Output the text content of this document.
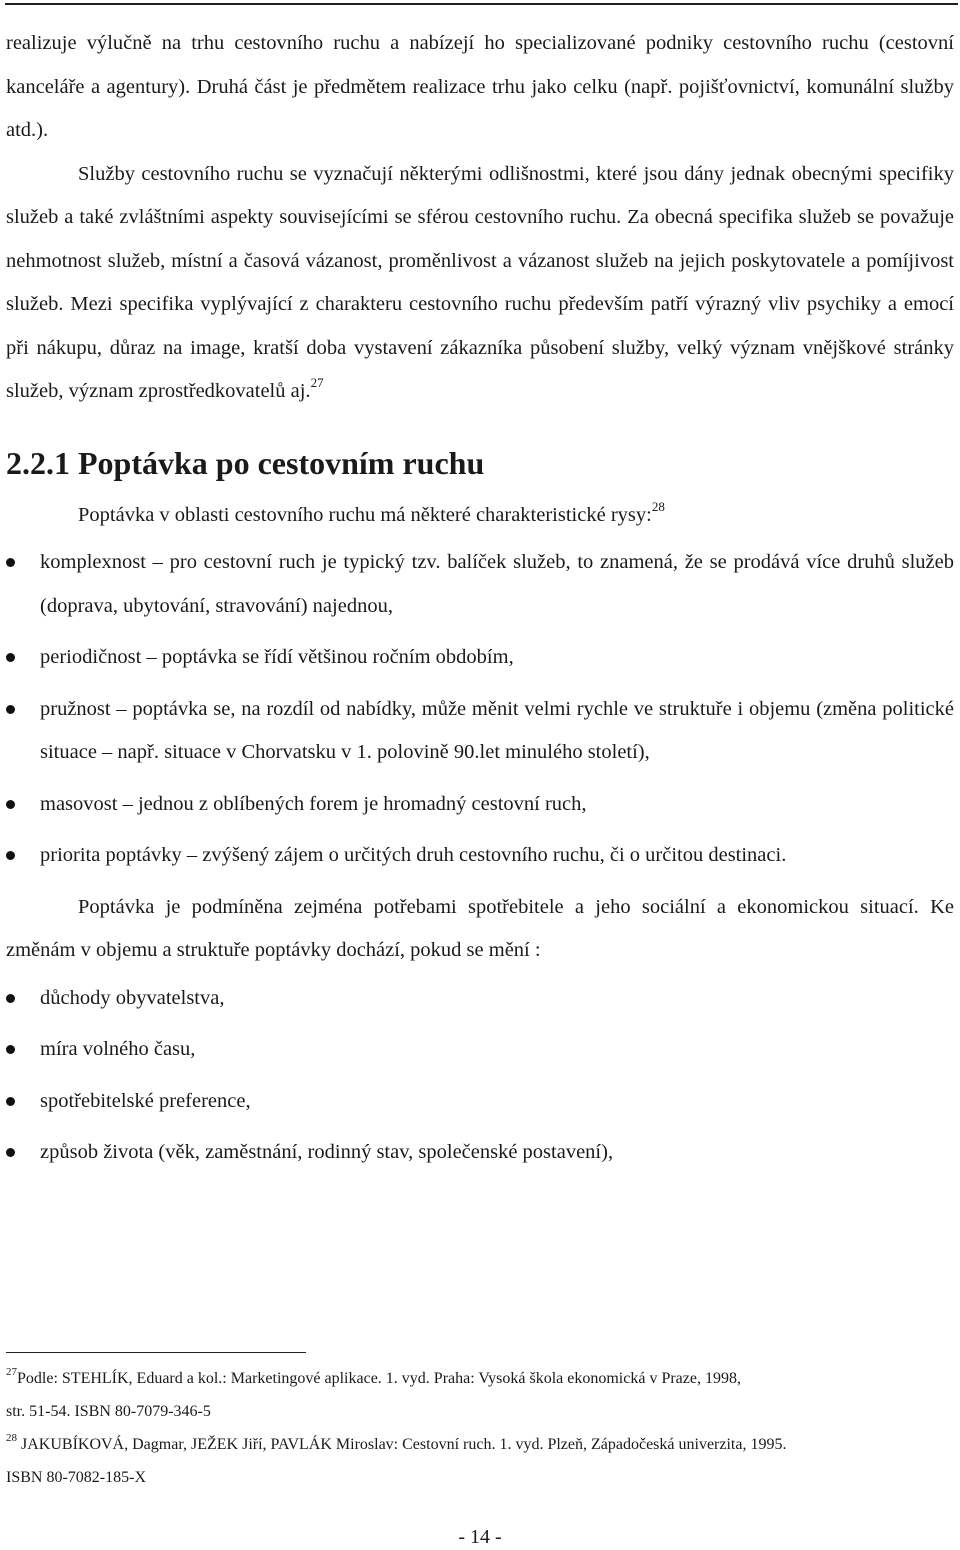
realizuje výlučně na trhu cestovního ruchu a nabízejí ho specializované podniky cestovního ruchu (cestovní kanceláře a agentury). Druhá část je předmětem realizace trhu jako celku (např. pojišťovnictví, komunální služby atd.).

Služby cestovního ruchu se vyznačují některými odlišnostmi, které jsou dány jednak obecnými specifiky služeb a také zvláštními aspekty souvisejícími se sférou cestovního ruchu. Za obecná specifika služeb se považuje nehmotnost služeb, místní a časová vázanost, proměnlivost a vázanost služeb na jejich poskytovatele a pomíjivost služeb. Mezi specifika vyplývající z charakteru cestovního ruchu především patří výrazný vliv psychiky a emocí při nákupu, důraz na image, kratší doba vystavení zákazníka působení služby, velký význam vnějškové stránky služeb, význam zprostředkovatelů aj.$^{27}$

2.2.1 Poptávka po cestovním ruchu

Poptávka v oblasti cestovního ruchu má některé charakteristické rysy:$^{28}$

komplexnost – pro cestovní ruch je typický tzv. balíček služeb, to znamená, že se prodává více druhů služeb (doprava, ubytování, stravování) najednou,
periodičnost – poptávka se řídí většinou ročním obdobím,
pružnost – poptávka se, na rozdíl od nabídky, může měnit velmi rychle ve struktuře i objemu (změna politické situace – např. situace v Chorvatsku v 1. polovině 90.let minulého století),
masovost – jednou z oblíbených forem je hromadný cestovní ruch,
priorita poptávky – zvýšený zájem o určitých druh cestovního ruchu, či o určitou destinaci.

Poptávka je podmíněna zejména potřebami spotřebitele a jeho sociální a ekonomickou situací. Ke změnám v objemu a struktuře poptávky dochází, pokud se mění :

důchody obyvatelstva,
míra volného času,
spotřebitelské preference,
způsob života (věk, zaměstnání, rodinný stav, společenské postavení),

$^{27}$Podle: STEHLÍK, Eduard a kol.: Marketingové aplikace. 1. vyd. Praha: Vysoká škola ekonomická v Praze, 1998,

str. 51-54. ISBN 80-7079-346-5

$^{28}$ JAKUBÍKOVÁ, Dagmar, JEŽEK Jiří, PAVLÁK Miroslav: Cestovní ruch. 1. vyd. Plzeň, Západočeská univerzita, 1995.

ISBN 80-7082-185-X

- 14 -
